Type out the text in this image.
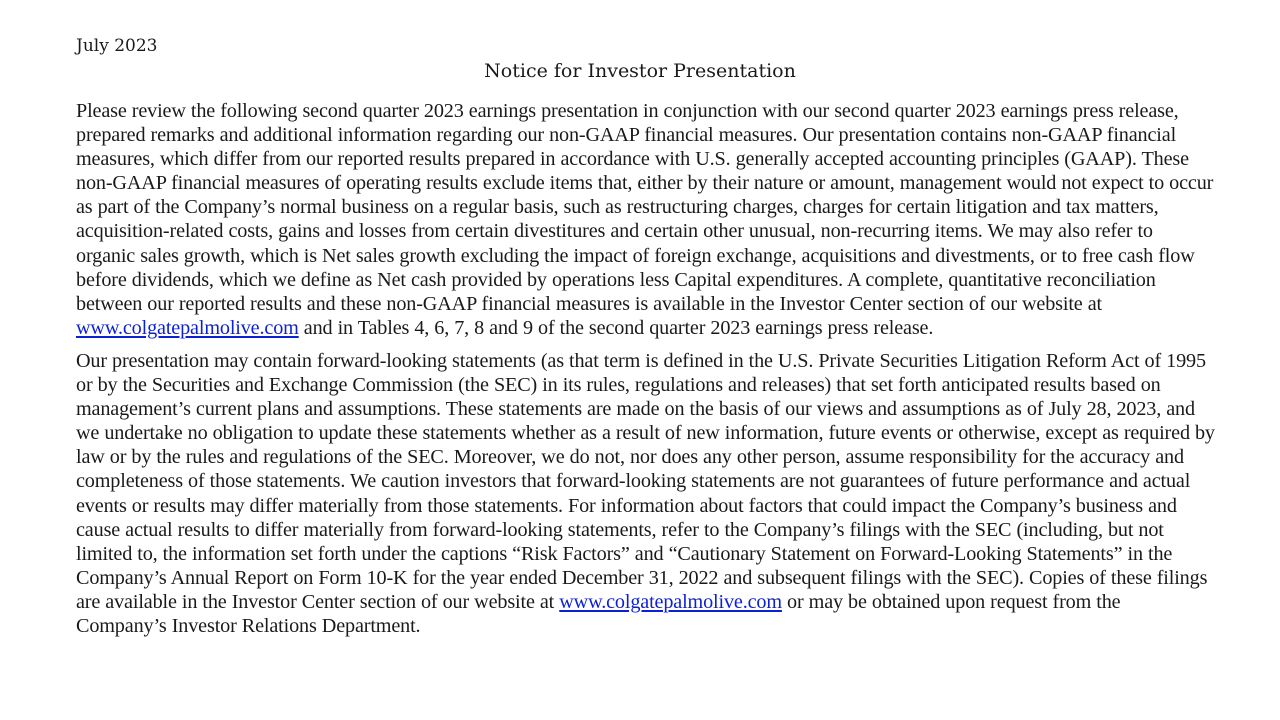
July 2023
Notice for Investor Presentation

Please review the following second quarter 2023 earnings presentation in conjunction with our second quarter 2023 earnings press release, prepared remarks and additional information regarding our non-GAAP financial measures. Our presentation contains non-GAAP financial measures, which differ from our reported results prepared in accordance with U.S. generally accepted accounting principles (GAAP). These non-GAAP financial measures of operating results exclude items that, either by their nature or amount, management would not expect to occur as part of the Company’s normal business on a regular basis, such as restructuring charges, charges for certain litigation and tax matters, acquisition-related costs, gains and losses from certain divestitures and certain other unusual, non-recurring items. We may also refer to organic sales growth, which is Net sales growth excluding the impact of foreign exchange, acquisitions and divestments, or to free cash flow before dividends, which we define as Net cash provided by operations less Capital expenditures. A complete, quantitative reconciliation between our reported results and these non-GAAP financial measures is available in the Investor Center section of our website at www.colgatepalmolive.com and in Tables 4, 6, 7, 8 and 9 of the second quarter 2023 earnings press release.

Our presentation may contain forward-looking statements (as that term is defined in the U.S. Private Securities Litigation Reform Act of 1995 or by the Securities and Exchange Commission (the SEC) in its rules, regulations and releases) that set forth anticipated results based on management’s current plans and assumptions. These statements are made on the basis of our views and assumptions as of July 28, 2023, and we undertake no obligation to update these statements whether as a result of new information, future events or otherwise, except as required by law or by the rules and regulations of the SEC. Moreover, we do not, nor does any other person, assume responsibility for the accuracy and completeness of those statements. We caution investors that forward-looking statements are not guarantees of future performance and actual events or results may differ materially from those statements. For information about factors that could impact the Company’s business and cause actual results to differ materially from forward-looking statements, refer to the Company’s filings with the SEC (including, but not limited to, the information set forth under the captions “Risk Factors” and “Cautionary Statement on Forward-Looking Statements” in the Company’s Annual Report on Form 10-K for the year ended December 31, 2022 and subsequent filings with the SEC). Copies of these filings are available in the Investor Center section of our website at www.colgatepalmolive.com or may be obtained upon request from the Company’s Investor Relations Department.
